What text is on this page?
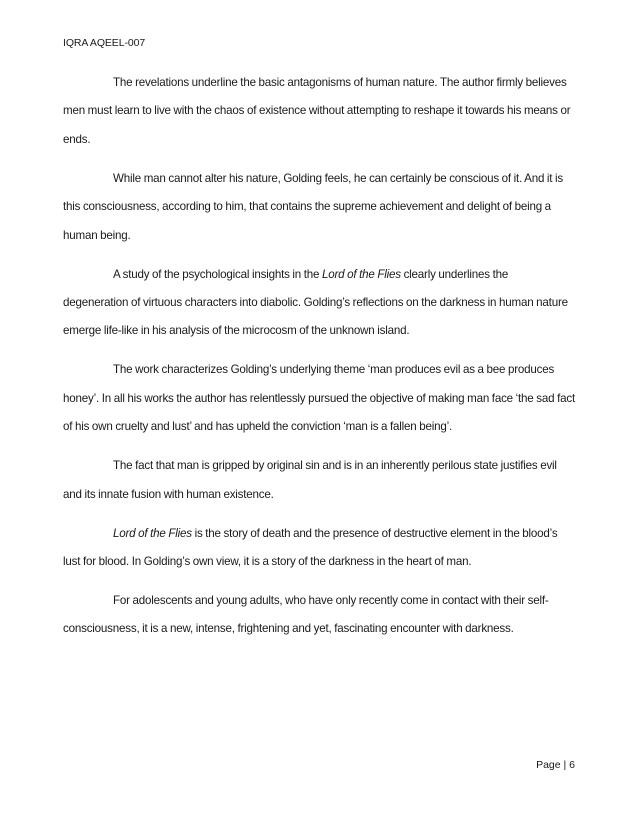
IQRA AQEEL-007

The revelations underline the basic antagonisms of human nature. The author firmly believes men must learn to live with the chaos of existence without attempting to reshape it towards his means or ends.

While man cannot alter his nature, Golding feels, he can certainly be conscious of it. And it is this consciousness, according to him, that contains the supreme achievement and delight of being a human being.

A study of the psychological insights in the Lord of the Flies clearly underlines the degeneration of virtuous characters into diabolic. Golding’s reflections on the darkness in human nature emerge life-like in his analysis of the microcosm of the unknown island.

The work characterizes Golding’s underlying theme ‘man produces evil as a bee produces honey’. In all his works the author has relentlessly pursued the objective of making man face ‘the sad fact of his own cruelty and lust’ and has upheld the conviction ‘man is a fallen being’.

The fact that man is gripped by original sin and is in an inherently perilous state justifies evil and its innate fusion with human existence.

Lord of the Flies is the story of death and the presence of destructive element in the blood’s lust for blood. In Golding’s own view, it is a story of the darkness in the heart of man.

For adolescents and young adults, who have only recently come in contact with their self-consciousness, it is a new, intense, frightening and yet, fascinating encounter with darkness.

Page | 6
